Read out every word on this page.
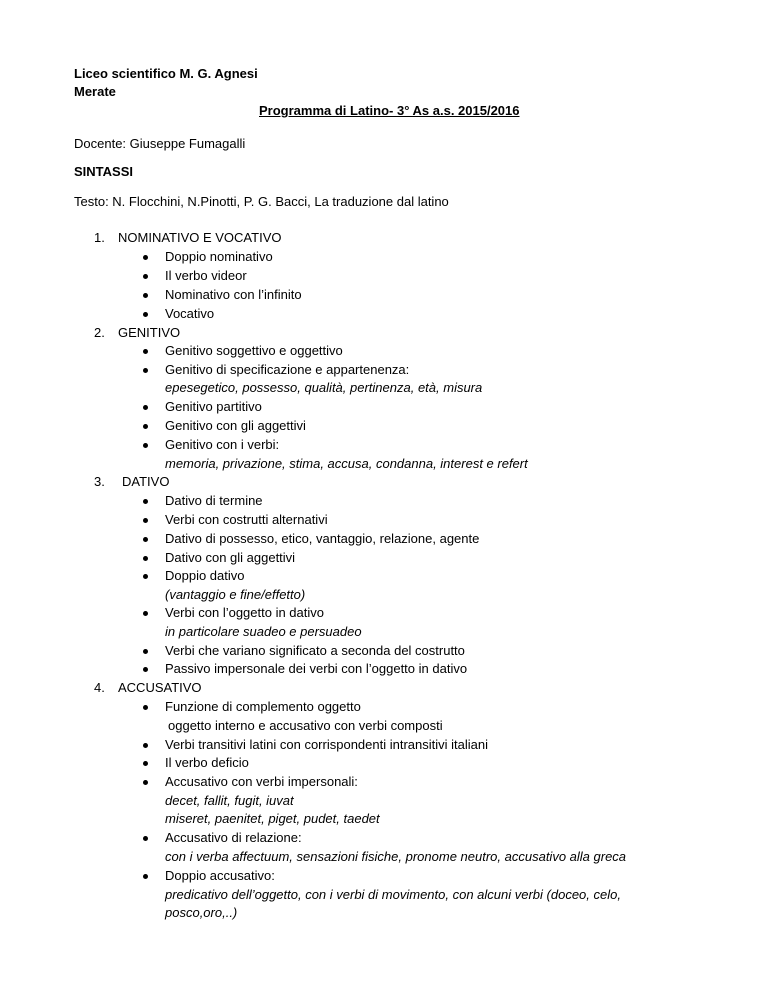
Liceo scientifico M. G. Agnesi
Merate
Programma di Latino- 3° As a.s. 2015/2016
Docente: Giuseppe Fumagalli
SINTASSI
Testo: N. Flocchini, N.Pinotti, P. G. Bacci, La traduzione dal latino
1. NOMINATIVO E VOCATIVO
Doppio nominativo
Il verbo videor
Nominativo con l’infinito
Vocativo
2. GENITIVO
Genitivo soggettivo e oggettivo
Genitivo di specificazione e appartenenza:
epesegetico, possesso, qualità, pertinenza, età, misura
Genitivo partitivo
Genitivo con gli aggettivi
Genitivo con i verbi:
memoria, privazione, stima, accusa, condanna, interest e refert
3. DATIVO
Dativo di termine
Verbi con costrutti alternativi
Dativo di possesso, etico, vantaggio, relazione, agente
Dativo con gli aggettivi
Doppio dativo
(vantaggio e fine/effetto)
Verbi con l’oggetto in dativo
in particolare suadeo e persuadeo
Verbi che variano significato a seconda del costrutto
Passivo impersonale dei verbi con l’oggetto in dativo
4. ACCUSATIVO
Funzione di complemento oggetto
oggetto interno e accusativo con verbi composti
Verbi transitivi latini con corrispondenti intransitivi italiani
Il verbo deficio
Accusativo con verbi impersonali:
decet, fallit, fugit, iuvat
miseret, paenitet, piget, pudet, taedet
Accusativo di relazione:
con i verba affectuum, sensazioni fisiche, pronome neutro, accusativo alla greca
Doppio accusativo:
predicativo dell’oggetto, con i verbi di movimento, con alcuni verbi (doceo, celo,
posco,oro,..)
